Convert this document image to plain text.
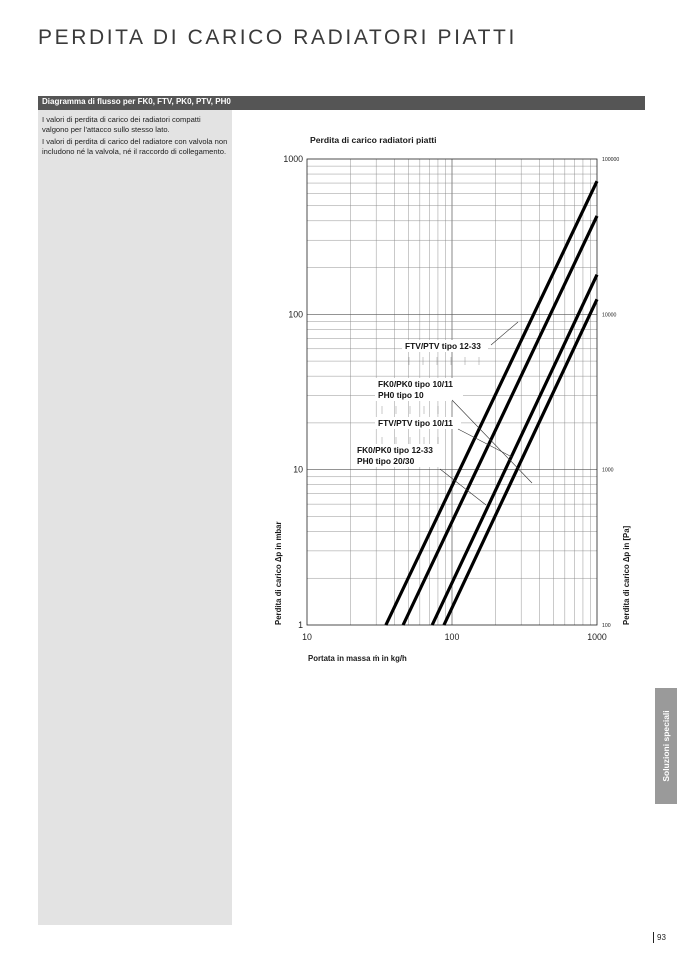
PERDITA DI CARICO RADIATORI PIATTI
Diagramma di flusso per FK0, FTV, PK0, PTV, PH0

I valori di perdita di carico dei radiatori compatti valgono per l'attacco sullo stesso lato.

I valori di perdita di carico del radiatore con valvola non includono né la valvola, né il raccordo di collegamento.

Perdita di carico radiatori piatti
10	100	1000
1
10
100
1000
100
1000
10000
100000
FTV/PTV tipo 12-33
FK0/PK0 tipo 10/11
PH0 tipo 10
FTV/PTV tipo 10/11
FK0/PK0 tipo 12-33
PH0 tipo 20/30
Portata in massa ṁ in kg/h
Perdita di carico Δp in mbar	Perdita di carico Δp in [Pa]
Soluzioni speciali
93
